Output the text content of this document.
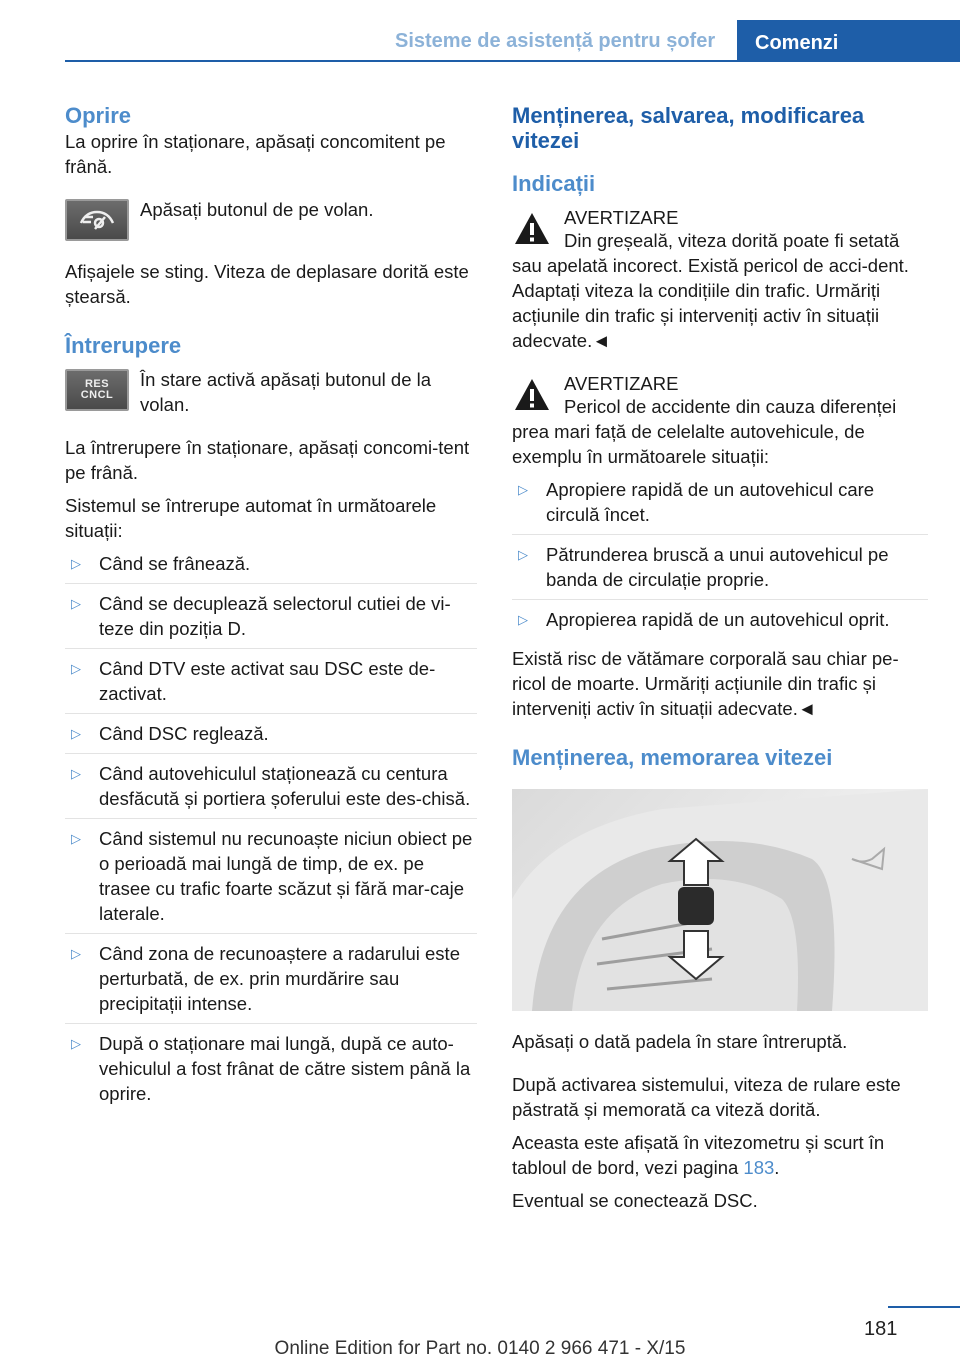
Sisteme de asistență pentru șofer	Comenzi
Oprire

La oprire în staționare, apăsați concomitent pe frână.

Apăsați butonul de pe volan.

Afișajele se sting. Viteza de deplasare dorită este ștearsă.

Întrerupere
RES
CNCL

În stare activă apăsați butonul de la volan.

La întrerupere în staționare, apăsați concomi‐tent pe frână.

Sistemul se întrerupe automat în următoarele situații:

▷ Când se frânează.
▷ Când se decuplează selectorul cutiei de vi‐teze din poziția D.
▷ Când DTV este activat sau DSC este de‐zactivat.
▷ Când DSC reglează.
▷ Când autovehiculul staționează cu centura desfăcută și portiera șoferului este des‐chisă.
▷ Când sistemul nu recunoaște niciun obiect pe o perioadă mai lungă de timp, de ex. pe trasee cu trafic foarte scăzut și fără mar‐caje laterale.
▷ Când zona de recunoaștere a radarului este perturbată, de ex. prin murdărire sau precipitații intense.
▷ După o staționare mai lungă, după ce auto‐vehiculul a fost frânat de către sistem până la oprire.
Menținerea, salvarea, modificarea vitezei
Indicații

AVERTIZARE

Din greșeală, viteza dorită poate fi setată sau apelată incorect. Există pericol de acci‐dent. Adaptați viteza la condițiile din trafic. Urmăriți acțiunile din trafic și interveniți activ în situații adecvate.◄

AVERTIZARE

Pericol de accidente din cauza diferenței prea mari față de celelalte autovehicule, de exemplu în următoarele situații:

▷ Apropiere rapidă de un autovehicul care circulă încet.
▷ Pătrunderea bruscă a unui autovehicul pe banda de circulație proprie.
▷ Apropierea rapidă de un autovehicul oprit.

Există risc de vătămare corporală sau chiar pe‐ricol de moarte. Urmăriți acțiunile din trafic și interveniți activ în situații adecvate.◄

Menținerea, memorarea vitezei

Apăsați o dată padela în stare întreruptă.

După activarea sistemului, viteza de rulare este păstrată și memorată ca viteză dorită.

Aceasta este afișată în vitezometru și scurt în tabloul de bord, vezi pagina 183.

Eventual se conectează DSC.

181
Online Edition for Part no. 0140 2 966 471 - X/15
